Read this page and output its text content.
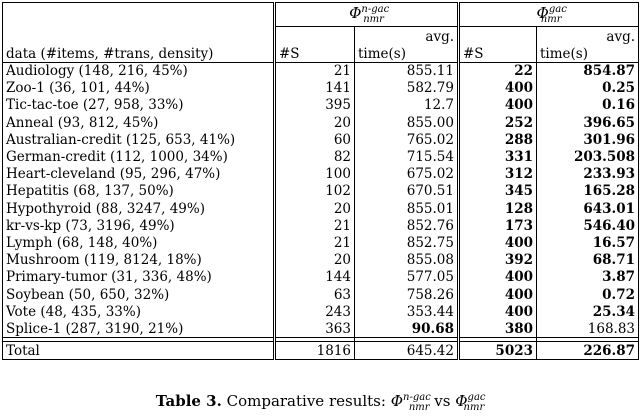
	$\Phi^{n-gac}_{nmr}$		$\Phi^{gac}_{nmr}$
		avg.		avg.
data (#items, #trans, density)	#S	time(s)	#S	time(s)
Audiology (148, 216, 45%)	21	855.11	22	854.87
Zoo-1 (36, 101, 44%)	141	582.79	400	0.25
Tic-tac-toe (27, 958, 33%)	395	12.7	400	0.16
Anneal (93, 812, 45%)	20	855.00	252	396.65
Australian-credit (125, 653, 41%)	60	765.02	288	301.96
German-credit (112, 1000, 34%)	82	715.54	331	203.508
Heart-cleveland (95, 296, 47%)	100	675.02	312	233.93
Hepatitis (68, 137, 50%)	102	670.51	345	165.28
Hypothyroid (88, 3247, 49%)	20	855.01	128	643.01
kr-vs-kp (73, 3196, 49%)	21	852.76	173	546.40
Lymph (68, 148, 40%)	21	852.75	400	16.57
Mushroom (119, 8124, 18%)	20	855.08	392	68.71
Primary-tumor (31, 336, 48%)	144	577.05	400	3.87
Soybean (50, 650, 32%)	63	758.26	400	0.72
Vote (48, 435, 33%)	243	353.44	400	25.34
Splice-1 (287, 3190, 21%)	363	90.68	380	168.83

Total	1816	645.42	5023	226.87
Table 3. Comparative results: $\Phi^{n-gac}_{nmr}$ vs $\Phi^{gac}_{nmr}$
